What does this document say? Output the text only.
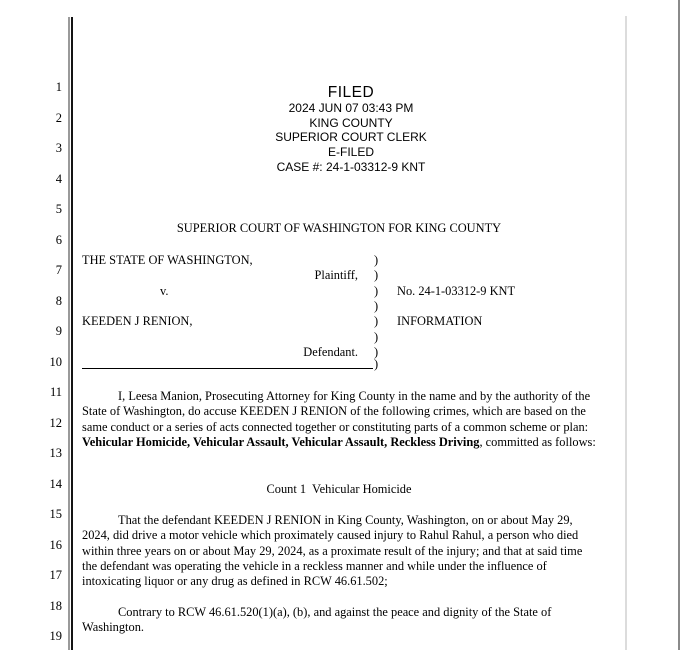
1
2
3
4
5
6
7
8
9
10
11
12
13
14
15
16
17
18
19
FILED
2024 JUN 07 03:43 PM
KING COUNTY
SUPERIOR COURT CLERK
E-FILED
CASE #: 24-1-03312-9 KNT
SUPERIOR COURT OF WASHINGTON FOR KING COUNTY
THE STATE OF WASHINGTON,	)
Plaintiff,	)
v.	)	No. 24-1-03312-9 KNT
)
KEEDEN J RENION,	)	INFORMATION
)
Defendant.	)
)
I, Leesa Manion, Prosecuting Attorney for King County in the name and by the authority of the State of Washington, do accuse KEEDEN J RENION of the following crimes, which are based on the same conduct or a series of acts connected together or constituting parts of a common scheme or plan: Vehicular Homicide, Vehicular Assault, Vehicular Assault, Reckless Driving, committed as follows:
Count 1  Vehicular Homicide
That the defendant KEEDEN J RENION in King County, Washington, on or about May 29, 2024, did drive a motor vehicle which proximately caused injury to Rahul Rahul, a person who died within three years on or about May 29, 2024, as a proximate result of the injury; and that at said time the defendant was operating the vehicle in a reckless manner and while under the influence of intoxicating liquor or any drug as defined in RCW 46.61.502;
Contrary to RCW 46.61.520(1)(a), (b), and against the peace and dignity of the State of Washington.
